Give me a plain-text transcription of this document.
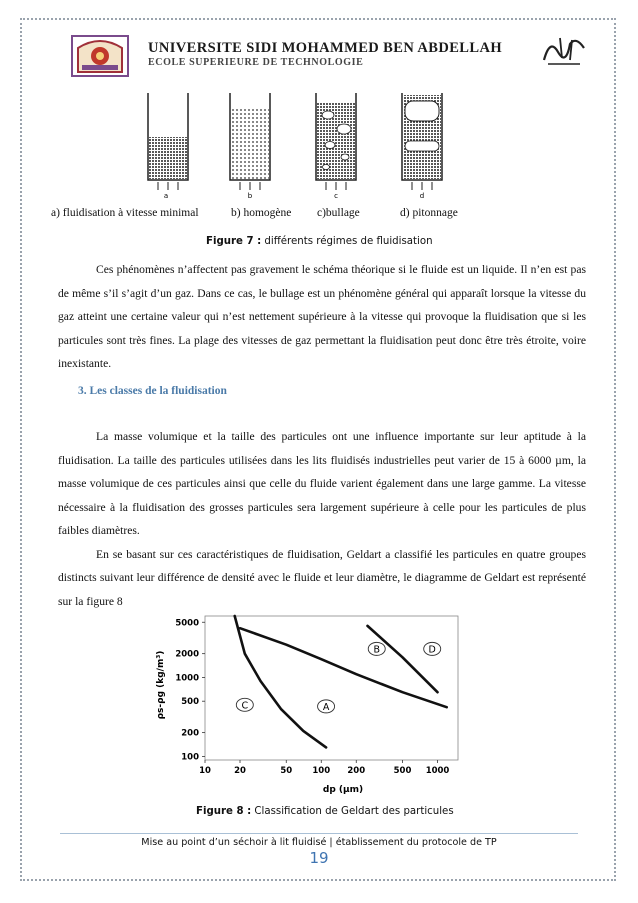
UNIVERSITE SIDI MOHAMMED BEN ABDELLAH
ECOLE SUPERIEURE DE TECHNOLOGIE
a	b	c	d
a) fluidisation à vitesse minimal	b) homogène c)bullage	d) pitonnage
Figure 7 : différents régimes de fluidisation

Ces phénomènes n’affectent pas gravement le schéma théorique si le fluide est un liquide. Il n’en est pas de même s’il s’agit d’un gaz. Dans ce cas, le bullage est un phénomène général qui apparaît lorsque la vitesse du gaz atteint une certaine valeur qui n’est nettement supérieure à la vitesse qui provoque la fluidisation que si les particules sont très fines. La plage des vitesses de gaz permettant la fluidisation peut donc être très étroite, voire inexistante.

3. Les classes de la fluidisation

La masse volumique et la taille des particules ont une influence importante sur leur aptitude à la fluidisation. La taille des particules utilisées dans les lits fluidisés industrielles peut varier de 15 à 6000 µm, la masse volumique de ces particules ainsi que celle du fluide varient également dans une large gamme. La vitesse nécessaire à la fluidisation des grosses particules sera largement supérieure à celle pour les particules de plus faibles diamètres.

En se basant sur ces caractéristiques de fluidisation, Geldart a classifié les particules en quatre groupes distincts suivant leur différence de densité avec le fluide et leur diamètre, le diagramme de Geldart est représenté sur la figure 8

10	20	50 100 200	500 1000
100
200
500
1000
2000
5000
C	A
B	D
ρs-ρg (kg/m³)
dp (µm)
Figure 8 : Classification de Geldart des particules
Mise au point d’un séchoir à lit fluidisé | établissement du protocole de TP
19
